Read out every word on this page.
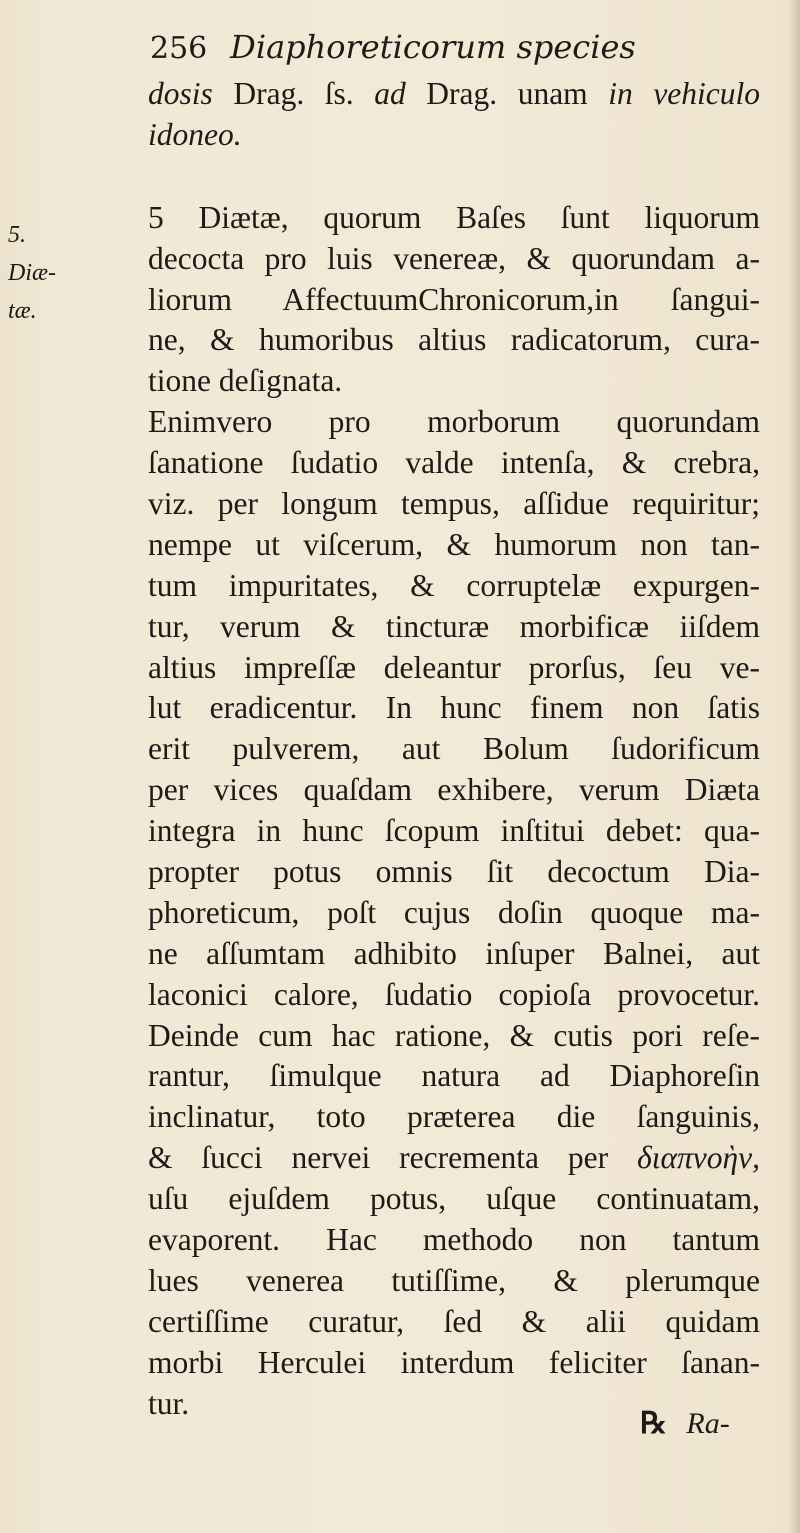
256 Diaphoreticorum species
5. Diæ-
tæ.
dosis Drag. ſs. ad Drag. unam in vehiculo
idoneo.
5 Diætæ, quorum Baſes ſunt liquorum
decocta pro luis venereæ, & quorundam a-
liorum AffectuumChronicorum,in ſangui-
ne, & humoribus altius radicatorum, cura-
tione deſignata.
Enimvero pro morborum quorundam
ſanatione ſudatio valde intenſa, & crebra,
viz. per longum tempus, aſſidue requiritur;
nempe ut viſcerum, & humorum non tan-
tum impuritates, & corruptelæ expurgen-
tur, verum & tincturæ morbificæ iiſdem
altius impreſſæ deleantur prorſus, ſeu ve-
lut eradicentur. In hunc finem non ſatis
erit pulverem, aut Bolum ſudorificum
per vices quaſdam exhibere, verum Diæta
integra in hunc ſcopum inſtitui debet: qua-
propter potus omnis ſit decoctum Dia-
phoreticum, poſt cujus doſin quoque ma-
ne aſſumtam adhibito inſuper Balnei, aut
laconici calore, ſudatio copioſa provocetur.
Deinde cum hac ratione, & cutis pori reſe-
rantur, ſimulque natura ad Diaphoreſin
inclinatur, toto præterea die ſanguinis,
& ſucci nervei recrementa per διαπνοὴν,
uſu ejuſdem potus, uſque continuatam,
evaporent. Hac methodo non tantum
lues venerea tutiſſime, & plerumque
certiſſime curatur, ſed & alii quidam
morbi Herculei interdum feliciter ſanan-
tur.
℞ Ra-
